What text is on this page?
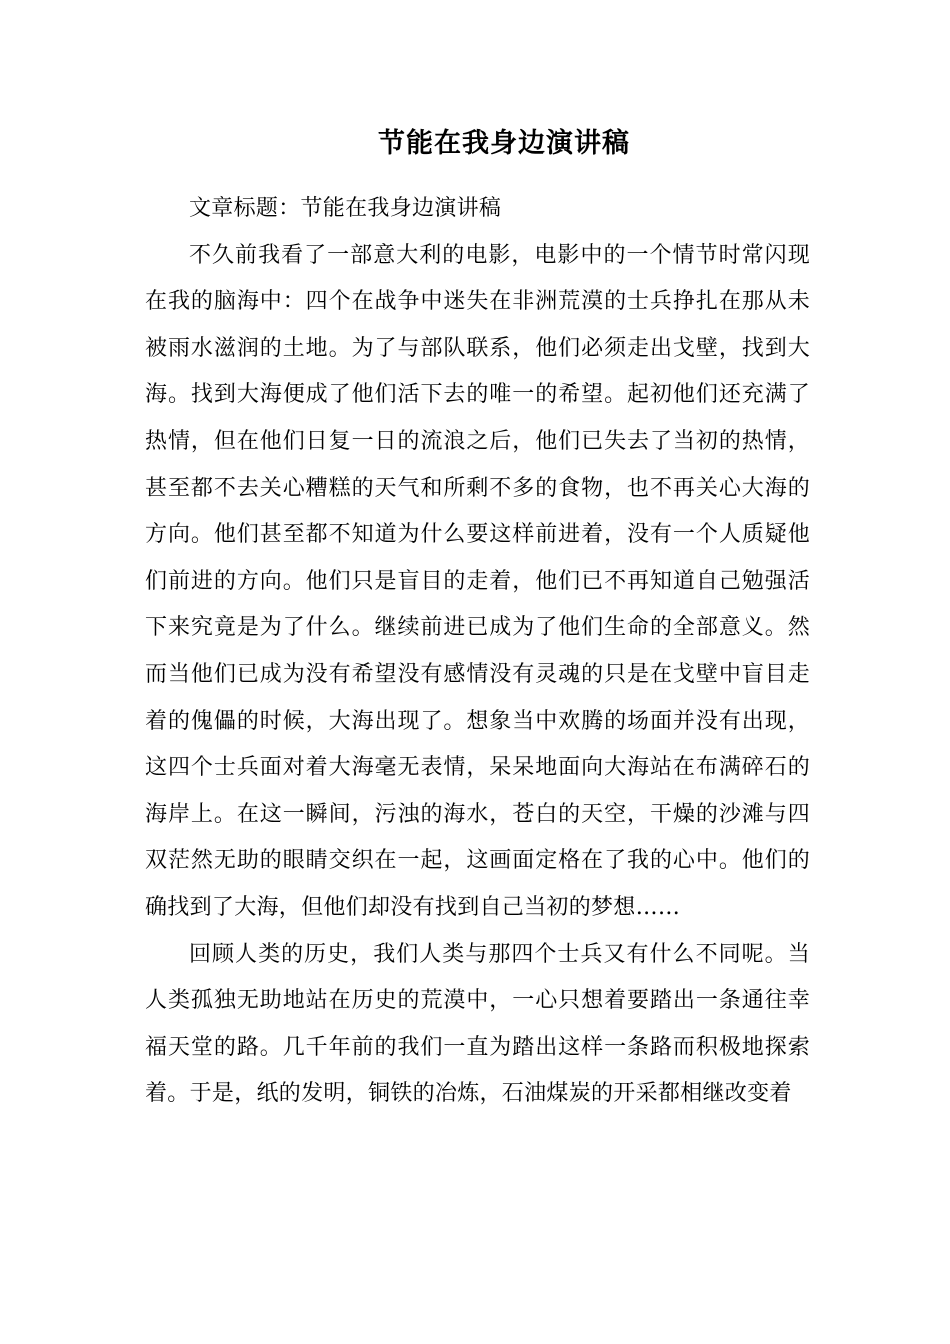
节能在我身边演讲稿

文章标题：节能在我身边演讲稿

不久前我看了一部意大利的电影，电影中的一个情节时常闪现在我的脑海中：四个在战争中迷失在非洲荒漠的士兵挣扎在那从未被雨水滋润的土地。为了与部队联系，他们必须走出戈壁，找到大海。找到大海便成了他们活下去的唯一的希望。起初他们还充满了热情，但在他们日复一日的流浪之后，他们已失去了当初的热情，甚至都不去关心糟糕的天气和所剩不多的食物，也不再关心大海的方向。他们甚至都不知道为什么要这样前进着，没有一个人质疑他们前进的方向。他们只是盲目的走着，他们已不再知道自己勉强活下来究竟是为了什么。继续前进已成为了他们生命的全部意义。然而当他们已成为没有希望没有感情没有灵魂的只是在戈壁中盲目走着的傀儡的时候，大海出现了。想象当中欢腾的场面并没有出现，这四个士兵面对着大海毫无表情，呆呆地面向大海站在布满碎石的海岸上。在这一瞬间，污浊的海水，苍白的天空，干燥的沙滩与四双茫然无助的眼睛交织在一起，这画面定格在了我的心中。他们的确找到了大海，但他们却没有找到自己当初的梦想……

回顾人类的历史，我们人类与那四个士兵又有什么不同呢。当人类孤独无助地站在历史的荒漠中，一心只想着要踏出一条通往幸福天堂的路。几千年前的我们一直为踏出这样一条路而积极地探索着。于是，纸的发明，铜铁的冶炼，石油煤炭的开采都相继改变着
